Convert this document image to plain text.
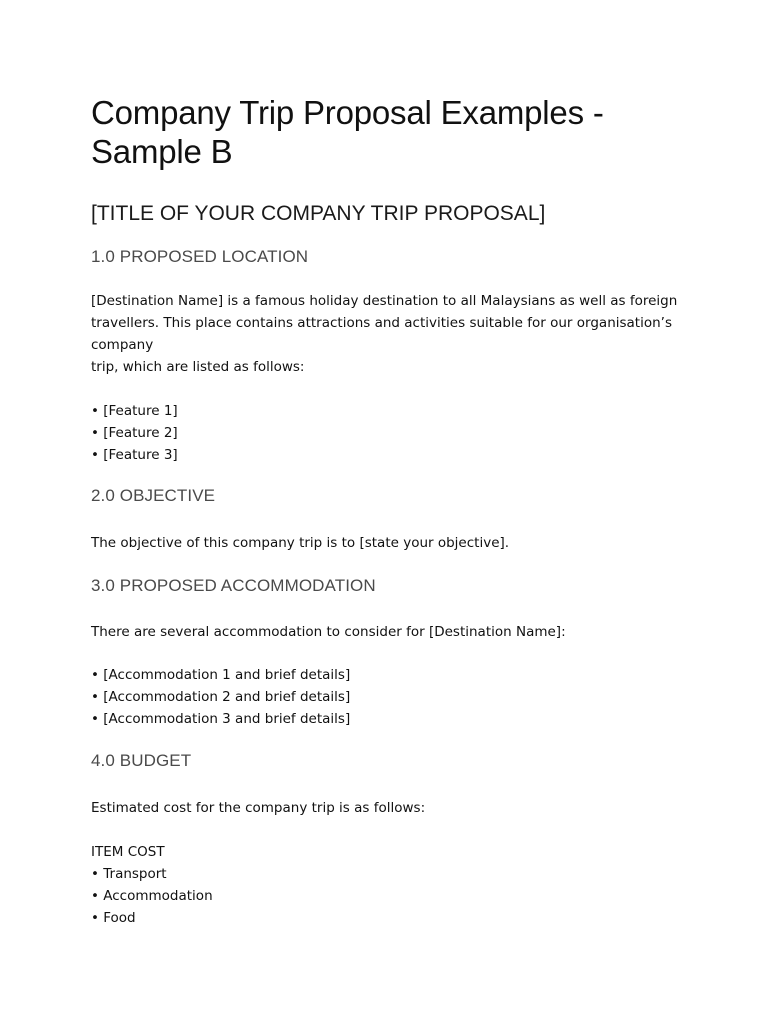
Company Trip Proposal Examples -
Sample B
[TITLE OF YOUR COMPANY TRIP PROPOSAL]
1.0 PROPOSED LOCATION

[Destination Name] is a famous holiday destination to all Malaysians as well as foreign
travellers. This place contains attractions and activities suitable for our organisation’s company
trip, which are listed as follows:

• [Feature 1]
• [Feature 2]
• [Feature 3]
2.0 OBJECTIVE

The objective of this company trip is to [state your objective].

3.0 PROPOSED ACCOMMODATION

There are several accommodation to consider for [Destination Name]:

• [Accommodation 1 and brief details]
• [Accommodation 2 and brief details]
• [Accommodation 3 and brief details]
4.0 BUDGET

Estimated cost for the company trip is as follows:

ITEM COST

• Transport
• Accommodation
• Food
